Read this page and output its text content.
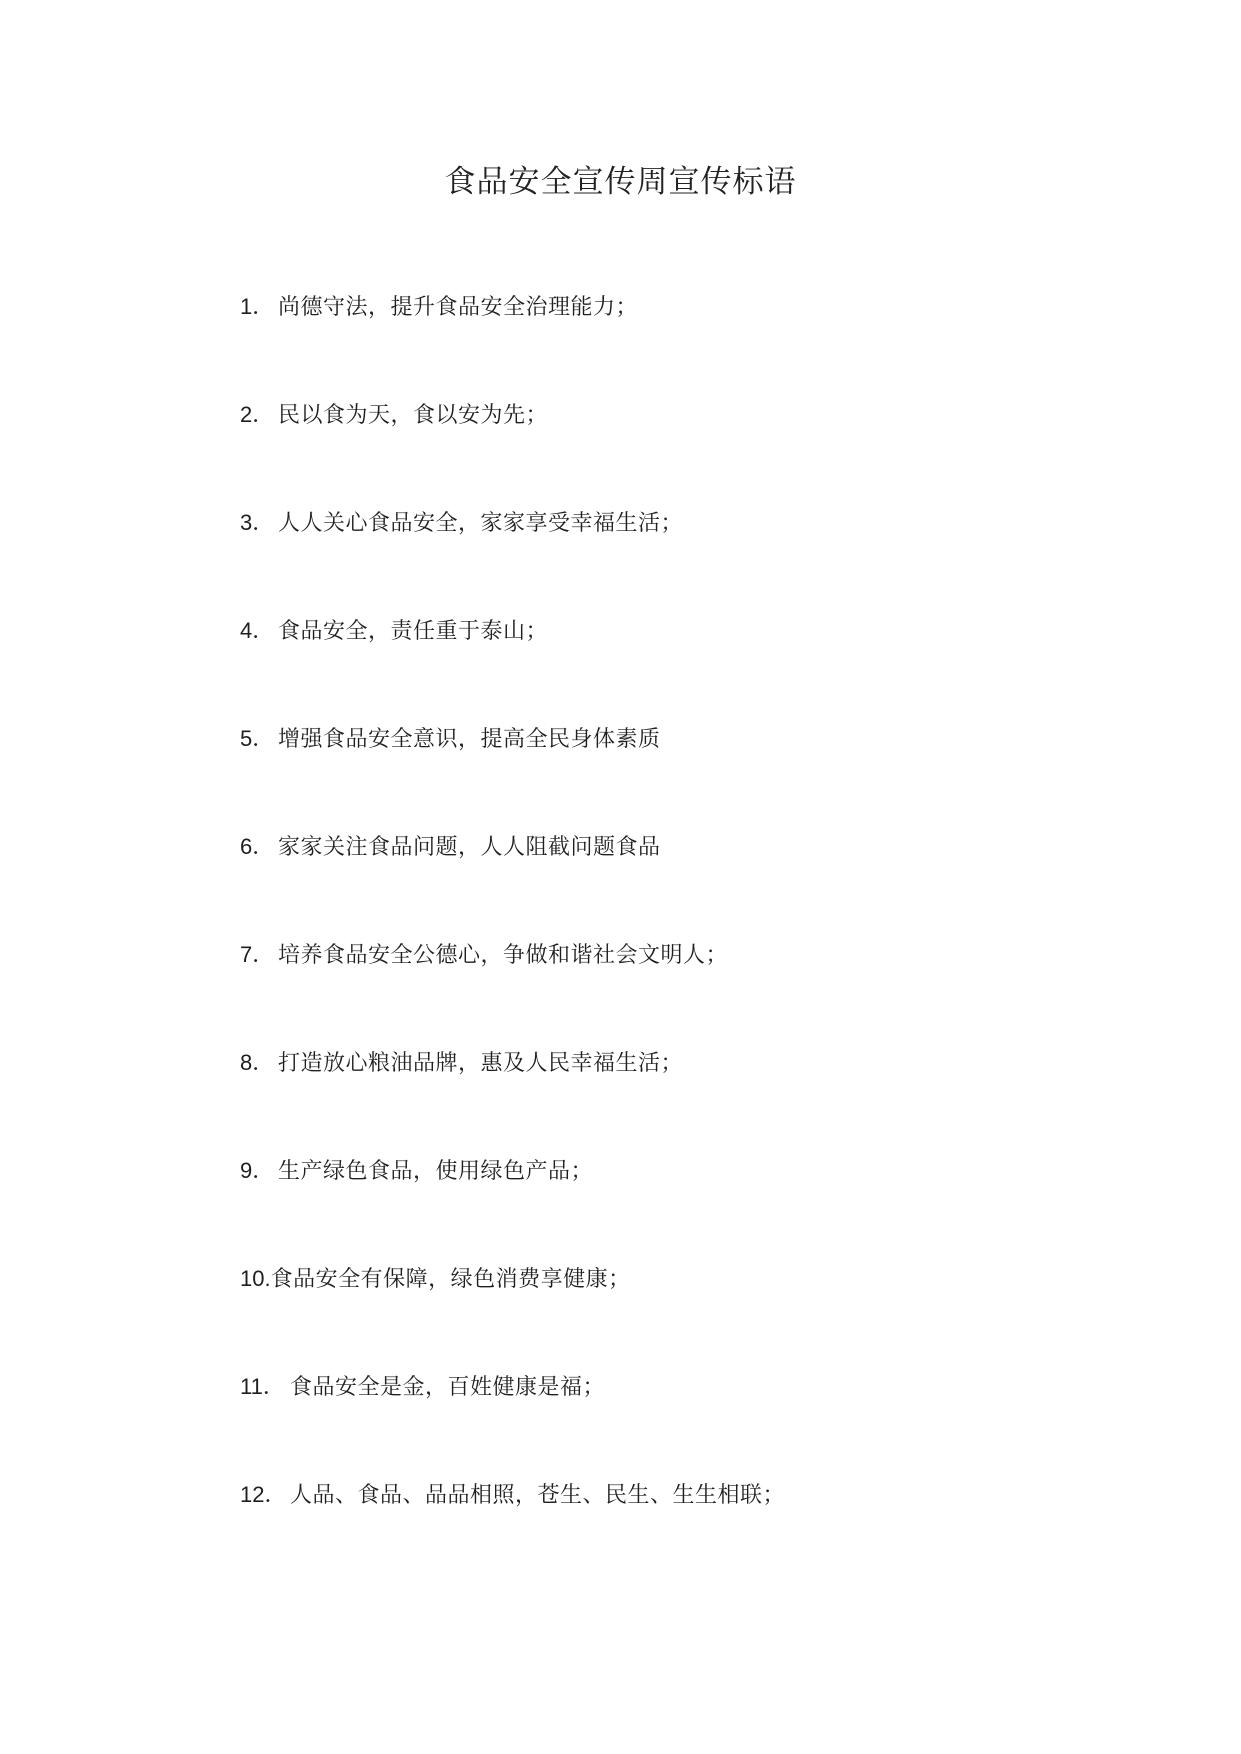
食品安全宣传周宣传标语
1． 尚德守法，提升食品安全治理能力；
2． 民以食为天，食以安为先；
3． 人人关心食品安全，家家享受幸福生活；
4． 食品安全，责任重于泰山；
5． 增强食品安全意识，提高全民身体素质
6． 家家关注食品问题，人人阻截问题食品
7． 培养食品安全公德心，争做和谐社会文明人；
8． 打造放心粮油品牌，惠及人民幸福生活；
9． 生产绿色食品，使用绿色产品；
10.食品安全有保障，绿色消费享健康；
11． 食品安全是金，百姓健康是福；
12． 人品、食品、品品相照，苍生、民生、生生相联；
